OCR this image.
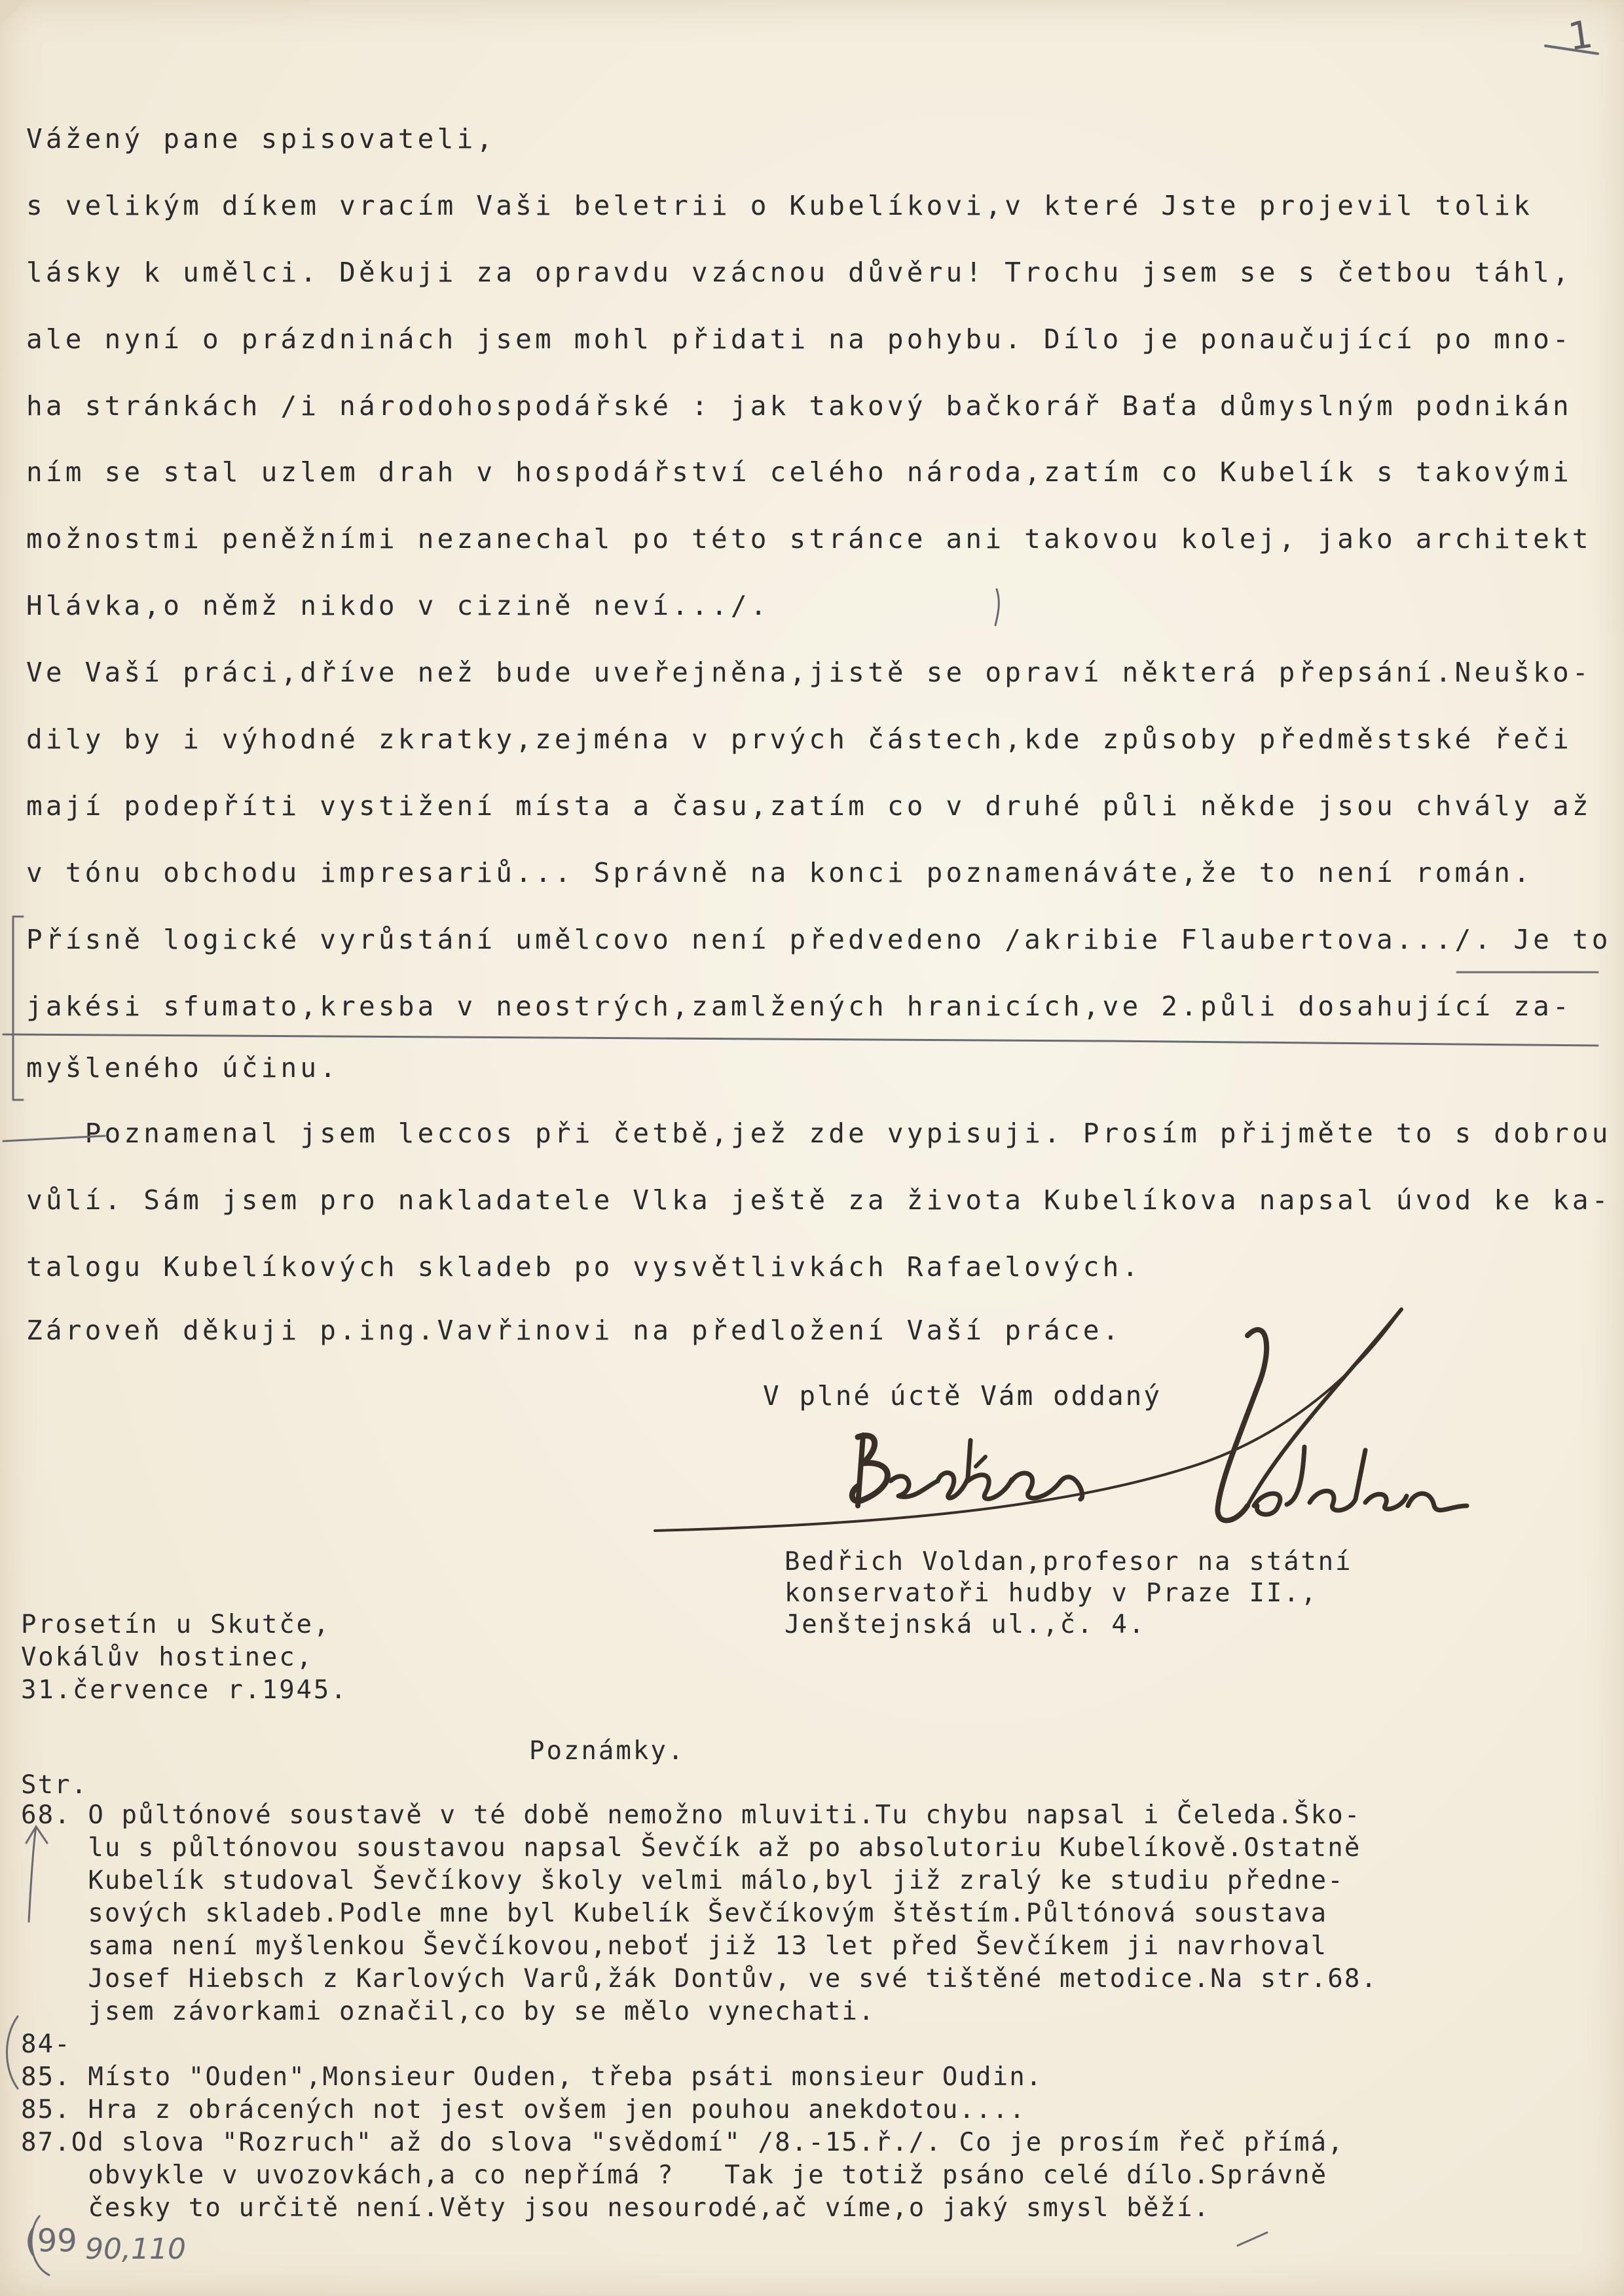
1
Vážený pane spisovateli,
s velikým díkem vracím Vaši beletrii o Kubelíkovi,v které Jste projevil tolik
lásky k umělci. Děkuji za opravdu vzácnou důvěru! Trochu jsem se s četbou táhl,
ale nyní o prázdninách jsem mohl přidati na pohybu. Dílo je ponaučující po mno-
ha stránkách /i národohospodářské : jak takový bačkorář Baťa důmyslným podnikán
ním se stal uzlem drah v hospodářství celého národa,zatím co Kubelík s takovými
možnostmi peněžními nezanechal po této stránce ani takovou kolej, jako architekt
Hlávka,o němž nikdo v cizině neví.../.
Ve Vaší práci,dříve než bude uveřejněna,jistě se opraví některá přepsání.Neuško-
dily by i výhodné zkratky,zejména v prvých částech,kde způsoby předměstské řeči
mají podepříti vystižení místa a času,zatím co v druhé půli někde jsou chvály až
v tónu obchodu impresariů... Správně na konci poznamenáváte,že to není román.
Přísně logické vyrůstání umělcovo není předvedeno /akribie Flaubertova.../. Je to
jakési sfumato,kresba v neostrých,zamlžených hranicích,ve 2.půli dosahující za-
myšleného účinu.
Poznamenal jsem leccos při četbě,jež zde vypisuji. Prosím přijměte to s dobrou
vůlí. Sám jsem pro nakladatele Vlka ještě za života Kubelíkova napsal úvod ke ka-
talogu Kubelíkových skladeb po vysvětlivkách Rafaelových.
Zároveň děkuji p.ing.Vavřinovi na předložení Vaší práce.
V plné úctě Vám oddaný
Bedřich Voldan,profesor na státní
konservatoři hudby v Praze II.,
Jenštejnská ul.,č. 4.
Prosetín u Skutče,
Vokálův hostinec,
31.července r.1945.
Poznámky.
Str.
68. O půltónové soustavě v té době nemožno mluviti.Tu chybu napsal i Čeleda.Ško-
lu s půltónovou soustavou napsal Ševčík až po absolutoriu Kubelíkově.Ostatně
Kubelík studoval Ševčíkovy školy velmi málo,byl již zralý ke studiu předne-
sových skladeb.Podle mne byl Kubelík Ševčíkovým štěstím.Půltónová soustava
sama není myšlenkou Ševčíkovou,neboť již 13 let před Ševčíkem ji navrhoval
Josef Hiebsch z Karlových Varů,žák Dontův, ve své tištěné metodice.Na str.68.
jsem závorkami označil,co by se mělo vynechati.
84-
85. Místo "Ouden",Monsieur Ouden, třeba psáti monsieur Oudin.
85. Hra z obrácených not jest ovšem jen pouhou anekdotou....
87.Od slova "Rozruch" až do slova "svědomí" /8.-15.ř./. Co je prosím řeč přímá,
obvykle v uvozovkách,a co nepřímá ?   Tak je totiž psáno celé dílo.Správně
česky to určitě není.Věty jsou nesourodé,ač víme,o jaký smysl běží.
90,110
(99
